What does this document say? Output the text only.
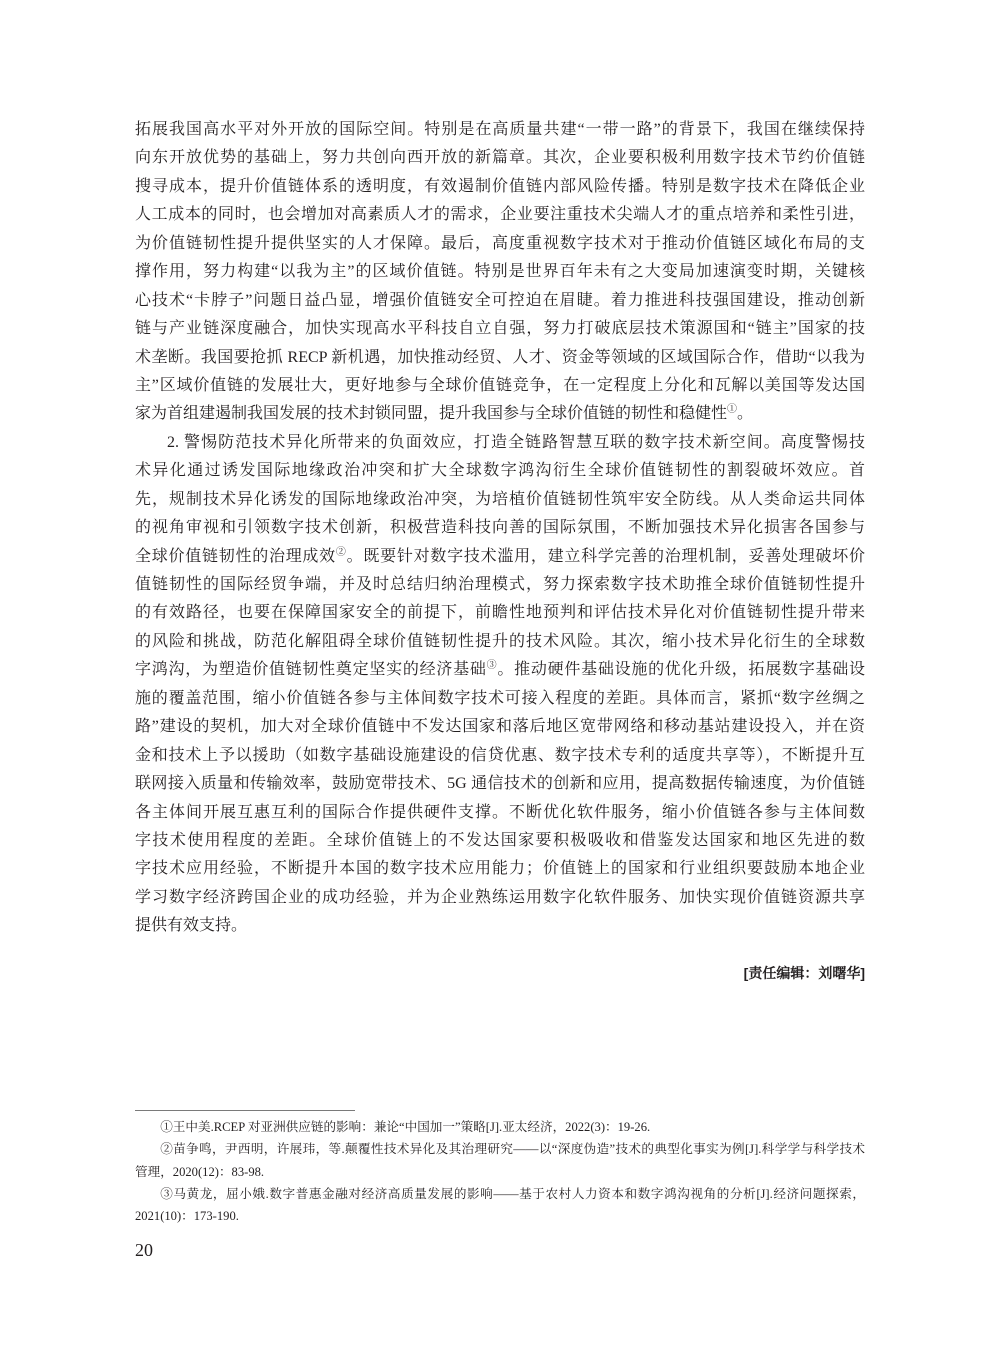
拓展我国高水平对外开放的国际空间。特别是在高质量共建“一带一路”的背景下，我国在继续保持
向东开放优势的基础上，努力共创向西开放的新篇章。其次，企业要积极利用数字技术节约价值链
搜寻成本，提升价值链体系的透明度，有效遏制价值链内部风险传播。特别是数字技术在降低企业
人工成本的同时，也会增加对高素质人才的需求，企业要注重技术尖端人才的重点培养和柔性引进，
为价值链韧性提升提供坚实的人才保障。最后，高度重视数字技术对于推动价值链区域化布局的支
撑作用，努力构建“以我为主”的区域价值链。特别是世界百年未有之大变局加速演变时期，关键核
心技术“卡脖子”问题日益凸显，增强价值链安全可控迫在眉睫。着力推进科技强国建设，推动创新
链与产业链深度融合，加快实现高水平科技自立自强，努力打破底层技术策源国和“链主”国家的技
术垄断。我国要抢抓 RECP 新机遇，加快推动经贸、人才、资金等领域的区域国际合作，借助“以我为
主”区域价值链的发展壮大，更好地参与全球价值链竞争，在一定程度上分化和瓦解以美国等发达国
家为首组建遏制我国发展的技术封锁同盟，提升我国参与全球价值链的韧性和稳健性①。
2. 警惕防范技术异化所带来的负面效应，打造全链路智慧互联的数字技术新空间。高度警惕技
术异化通过诱发国际地缘政治冲突和扩大全球数字鸿沟衍生全球价值链韧性的割裂破坏效应。首
先，规制技术异化诱发的国际地缘政治冲突，为培植价值链韧性筑牢安全防线。从人类命运共同体
的视角审视和引领数字技术创新，积极营造科技向善的国际氛围，不断加强技术异化损害各国参与
全球价值链韧性的治理成效②。既要针对数字技术滥用，建立科学完善的治理机制，妥善处理破坏价
值链韧性的国际经贸争端，并及时总结归纳治理模式，努力探索数字技术助推全球价值链韧性提升
的有效路径，也要在保障国家安全的前提下，前瞻性地预判和评估技术异化对价值链韧性提升带来
的风险和挑战，防范化解阻碍全球价值链韧性提升的技术风险。其次，缩小技术异化衍生的全球数
字鸿沟，为塑造价值链韧性奠定坚实的经济基础③。推动硬件基础设施的优化升级，拓展数字基础设
施的覆盖范围，缩小价值链各参与主体间数字技术可接入程度的差距。具体而言，紧抓“数字丝绸之
路”建设的契机，加大对全球价值链中不发达国家和落后地区宽带网络和移动基站建设投入，并在资
金和技术上予以援助（如数字基础设施建设的信贷优惠、数字技术专利的适度共享等），不断提升互
联网接入质量和传输效率，鼓励宽带技术、5G 通信技术的创新和应用，提高数据传输速度，为价值链
各主体间开展互惠互利的国际合作提供硬件支撑。不断优化软件服务，缩小价值链各参与主体间数
字技术使用程度的差距。全球价值链上的不发达国家要积极吸收和借鉴发达国家和地区先进的数
字技术应用经验，不断提升本国的数字技术应用能力；价值链上的国家和行业组织要鼓励本地企业
学习数字经济跨国企业的成功经验，并为企业熟练运用数字化软件服务、加快实现价值链资源共享
提供有效支持。
[责任编辑：刘曙华]
①王中美.RCEP 对亚洲供应链的影响：兼论“中国加一”策略[J].亚太经济，2022(3)：19-26.
②苗争鸣，尹西明，许展玮，等.颠覆性技术异化及其治理研究——以“深度伪造”技术的典型化事实为例[J].科学学与科学技术
管理，2020(12)：83-98.
③马黄龙，屈小娥.数字普惠金融对经济高质量发展的影响——基于农村人力资本和数字鸿沟视角的分析[J].经济问题探索，
2021(10)：173-190.
20
